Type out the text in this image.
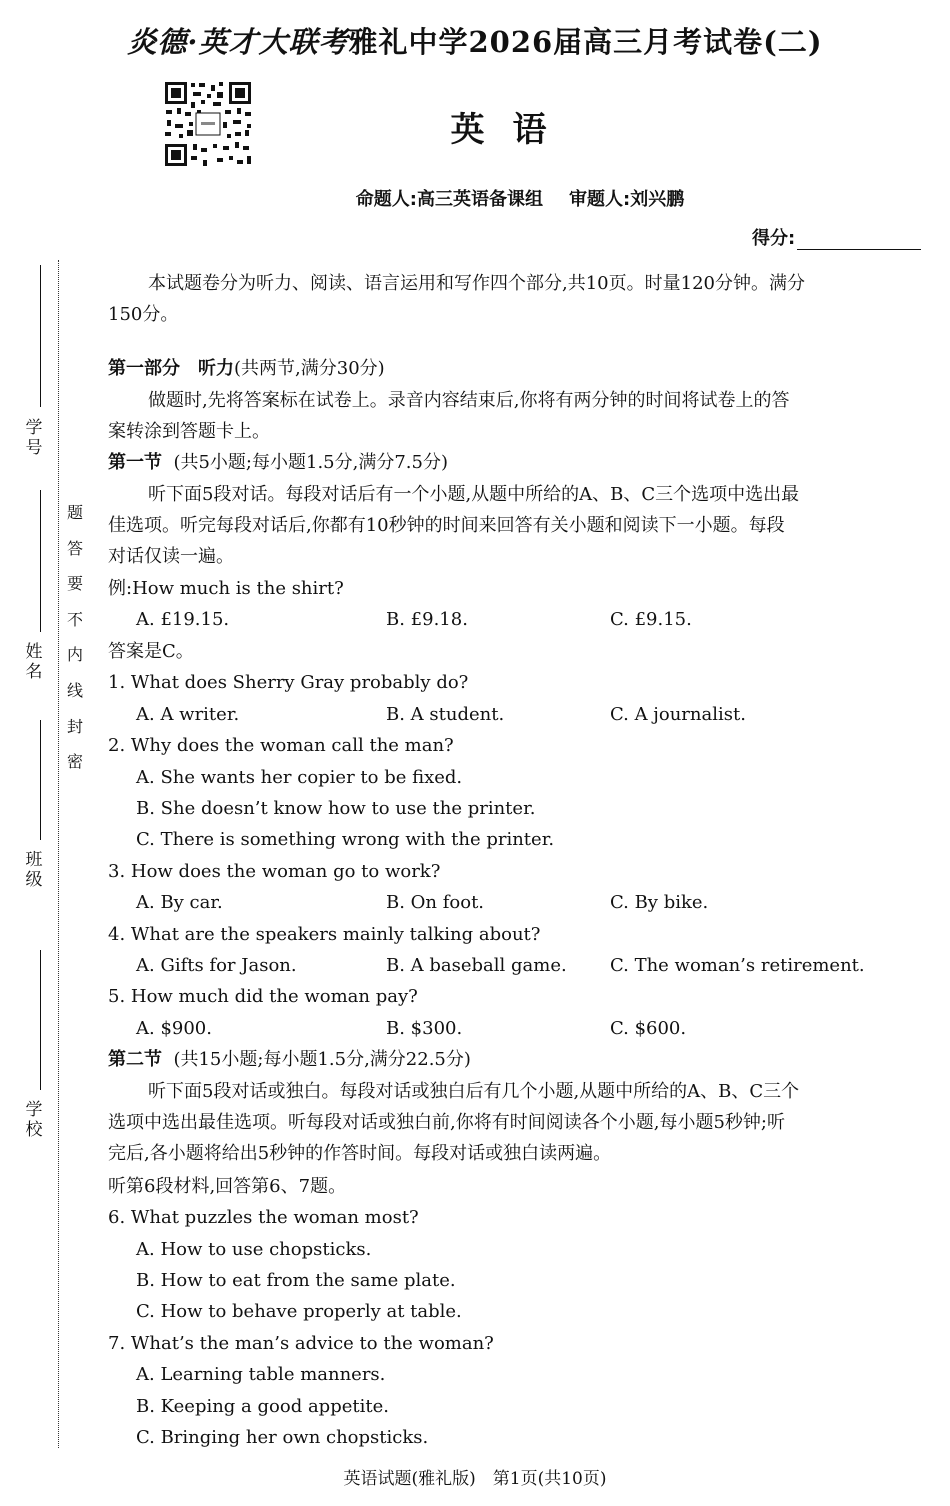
炎德·英才大联考雅礼中学2026届高三月考试卷(二)
英语
命题人:高三英语备课组 审题人:刘兴鹏
得分:
学号
姓名
班级
学校
题
答
要
不
内
线
封
密
本试题卷分为听力、阅读、语言运用和写作四个部分,共10页。时量120分钟。满分
150分。
第一部分　听力(共两节,满分30分)
做题时,先将答案标在试卷上。录音内容结束后,你将有两分钟的时间将试卷上的答
案转涂到答题卡上。
第一节 (共5小题;每小题1.5分,满分7.5分)
听下面5段对话。每段对话后有一个小题,从题中所给的A、B、C三个选项中选出最
佳选项。听完每段对话后,你都有10秒钟的时间来回答有关小题和阅读下一小题。每段
对话仅读一遍。
例:How much is the shirt?
A. £19.15.	B. £9.18.	C. £9.15.
答案是C。
1. What does Sherry Gray probably do?
A. A writer.	B. A student.	C. A journalist.
2. Why does the woman call the man?
A. She wants her copier to be fixed.
B. She doesn’t know how to use the printer.
C. There is something wrong with the printer.
3. How does the woman go to work?
A. By car.	B. On foot.	C. By bike.
4. What are the speakers mainly talking about?
A. Gifts for Jason.	B. A baseball game. C. The woman’s retirement.
5. How much did the woman pay?
A. $900.	B. $300.	C. $600.
第二节 (共15小题;每小题1.5分,满分22.5分)
听下面5段对话或独白。每段对话或独白后有几个小题,从题中所给的A、B、C三个
选项中选出最佳选项。听每段对话或独白前,你将有时间阅读各个小题,每小题5秒钟;听
完后,各小题将给出5秒钟的作答时间。每段对话或独白读两遍。
听第6段材料,回答第6、7题。
6. What puzzles the woman most?
A. How to use chopsticks.
B. How to eat from the same plate.
C. How to behave properly at table.
7. What’s the man’s advice to the woman?
A. Learning table manners.
B. Keeping a good appetite.
C. Bringing her own chopsticks.
英语试题(雅礼版)　第1页(共10页)
